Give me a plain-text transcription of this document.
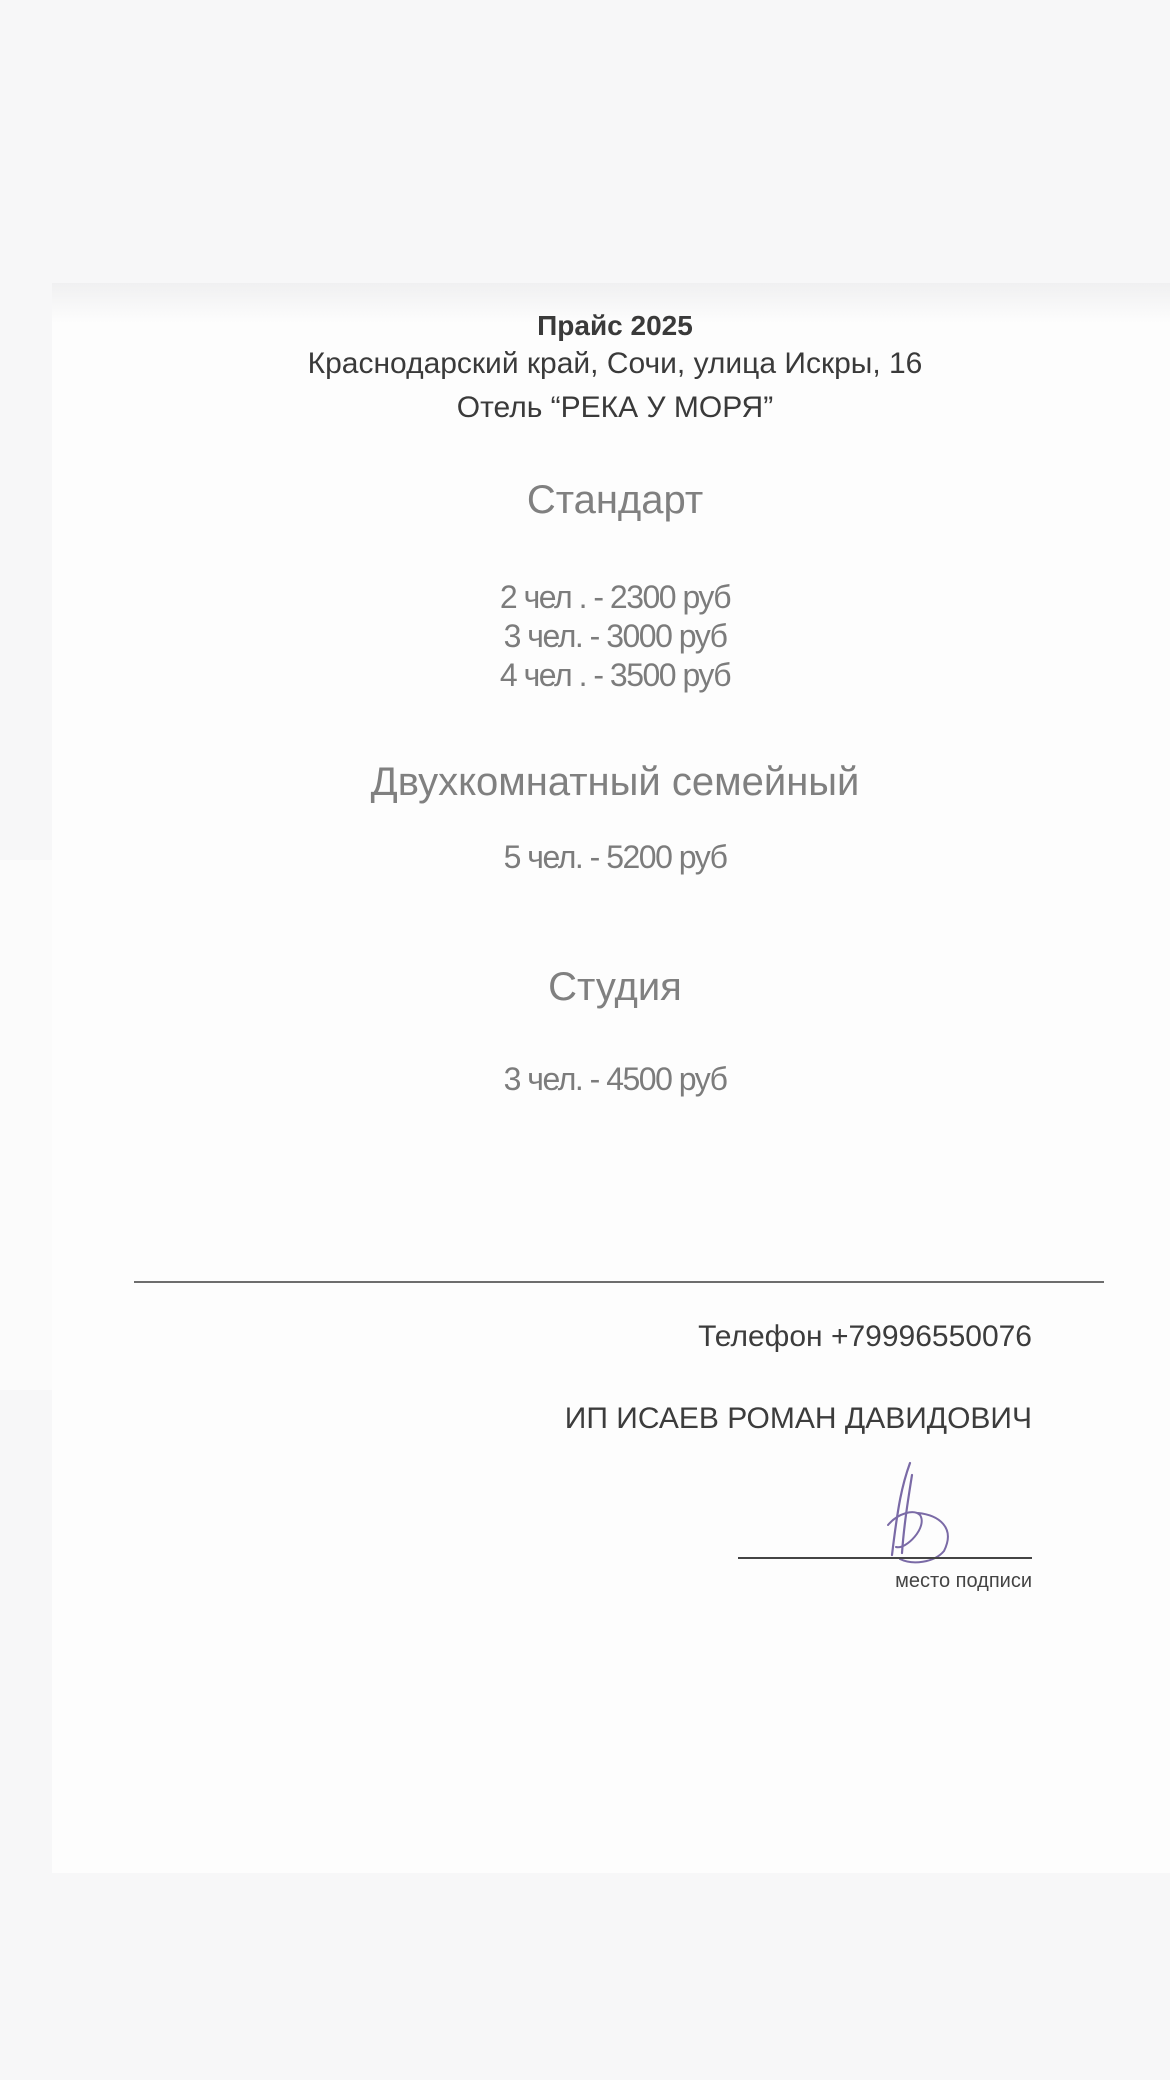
Прайс 2025
Краснодарский край, Сочи, улица Искры, 16
Отель “РЕКА У МОРЯ”
Стандарт
2 чел . - 2300 руб
3 чел. - 3000 руб
4 чел . - 3500 руб
Двухкомнатный семейный
5 чел. - 5200 руб
Студия
3 чел. - 4500 руб
Телефон +79996550076
ИП ИСАЕВ РОМАН ДАВИДОВИЧ
место подписи
